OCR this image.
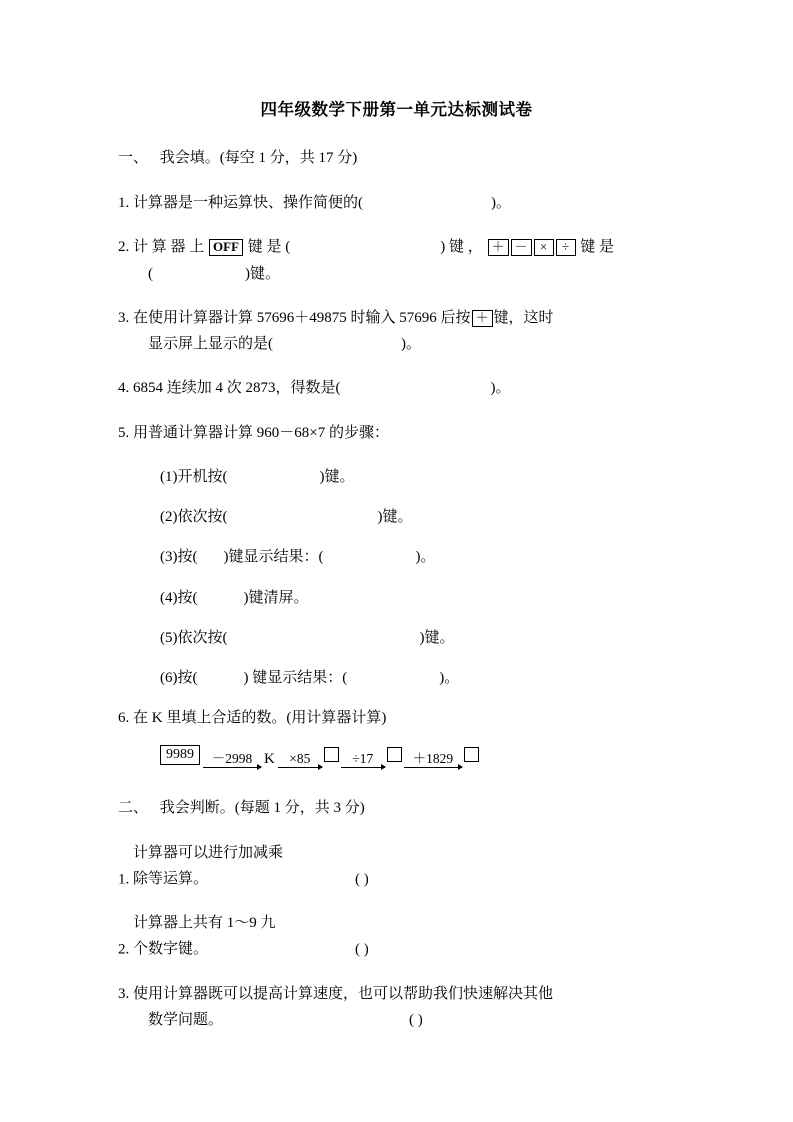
四年级数学下册第一单元达标测试卷
一、 我会填。(每空 1 分，共 17 分)
1. 计算器是一种运算快、操作简便的(	)。
2. 计 算 器 上 OFF 键 是 (	) 键 ， ＋ － × ÷ 键 是
(	)键。
3. 在使用计算器计算 57696＋49875 时输入 57696 后按 ＋ 键，这时
显示屏上显示的是(	)。
4. 6854 连续加 4 次 2873，得数是(	)。
5. 用普通计算器计算 960－68×7 的步骤：
(1)开机按(	)键。
(2)依次按(	)键。
(3)按( )键显示结果：(	)。
(4)按(	)键清屏。
(5)依次按(	)键。
(6)按(	) 键显示结果：(	)。
6. 在 K 里填上合适的数。(用计算器计算)
9989	－2998 K ×85	÷17	＋1829
二、 我会判断。(每题 1 分，共 3 分)
1. 计算器可以进行加减乘除等运算。	( )
2. 计算器上共有 1～9 九个数字键。	( )
3. 使用计算器既可以提高计算速度，也可以帮助我们快速解决其他
数学问题。	( )
